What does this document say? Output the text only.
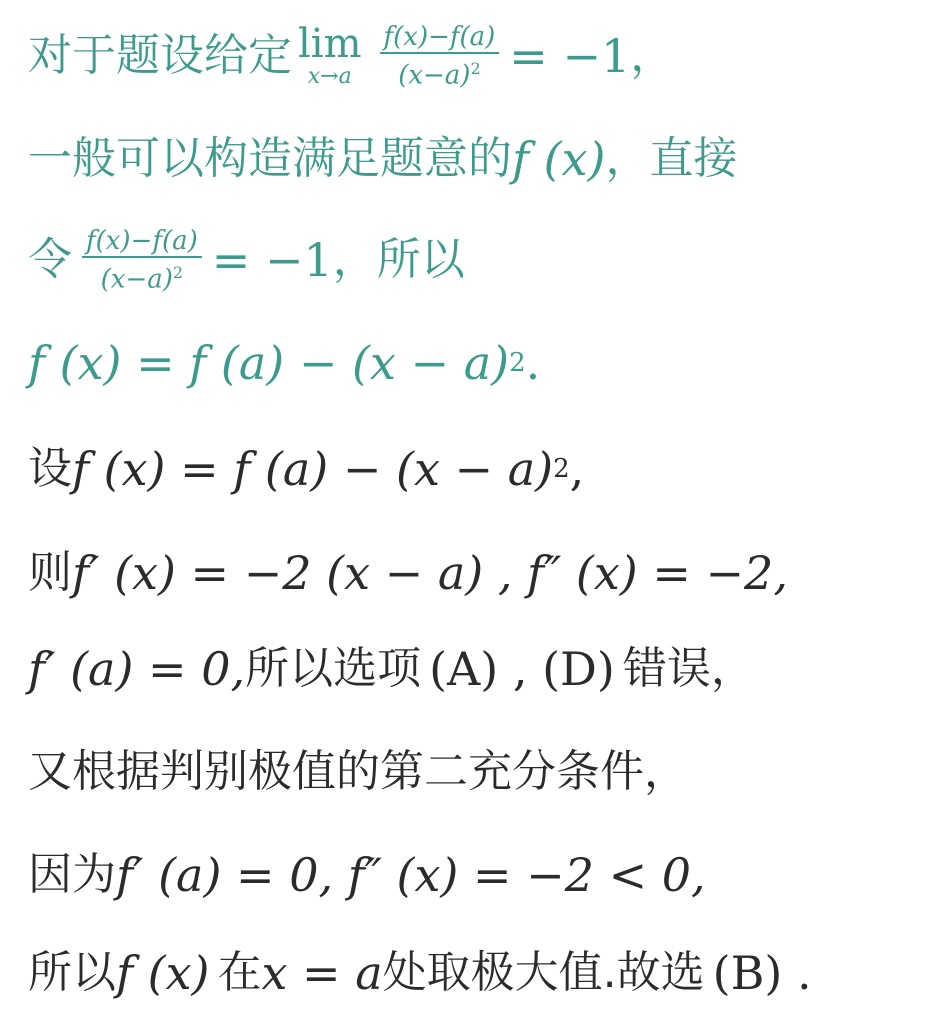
对于题设给定 lim
$x\to a \frac{f(x)-f(a)}{(x-a)^2} = -1$ ，
一般可以构造满足题意的 f (x) ， 直接
令 $\frac{f(x)-f(a)}{(x-a)^2} = -1$ ，所以
f (x) = f (a) − (x − a) 2 .
设 f (x) = f (a) − (x − a) 2 ,
则 f′ (x) = −2 (x − a) , f″ (x) = −2,
f′ (a) = 0, 所以选项 (A) , (D) 错误，
又根据判别极值的第二充分条件，
因为 f′ (a) = 0, f″ (x) = −2 < 0,
所以 f (x) 在 x = a 处取极大值.故选 (B) .
